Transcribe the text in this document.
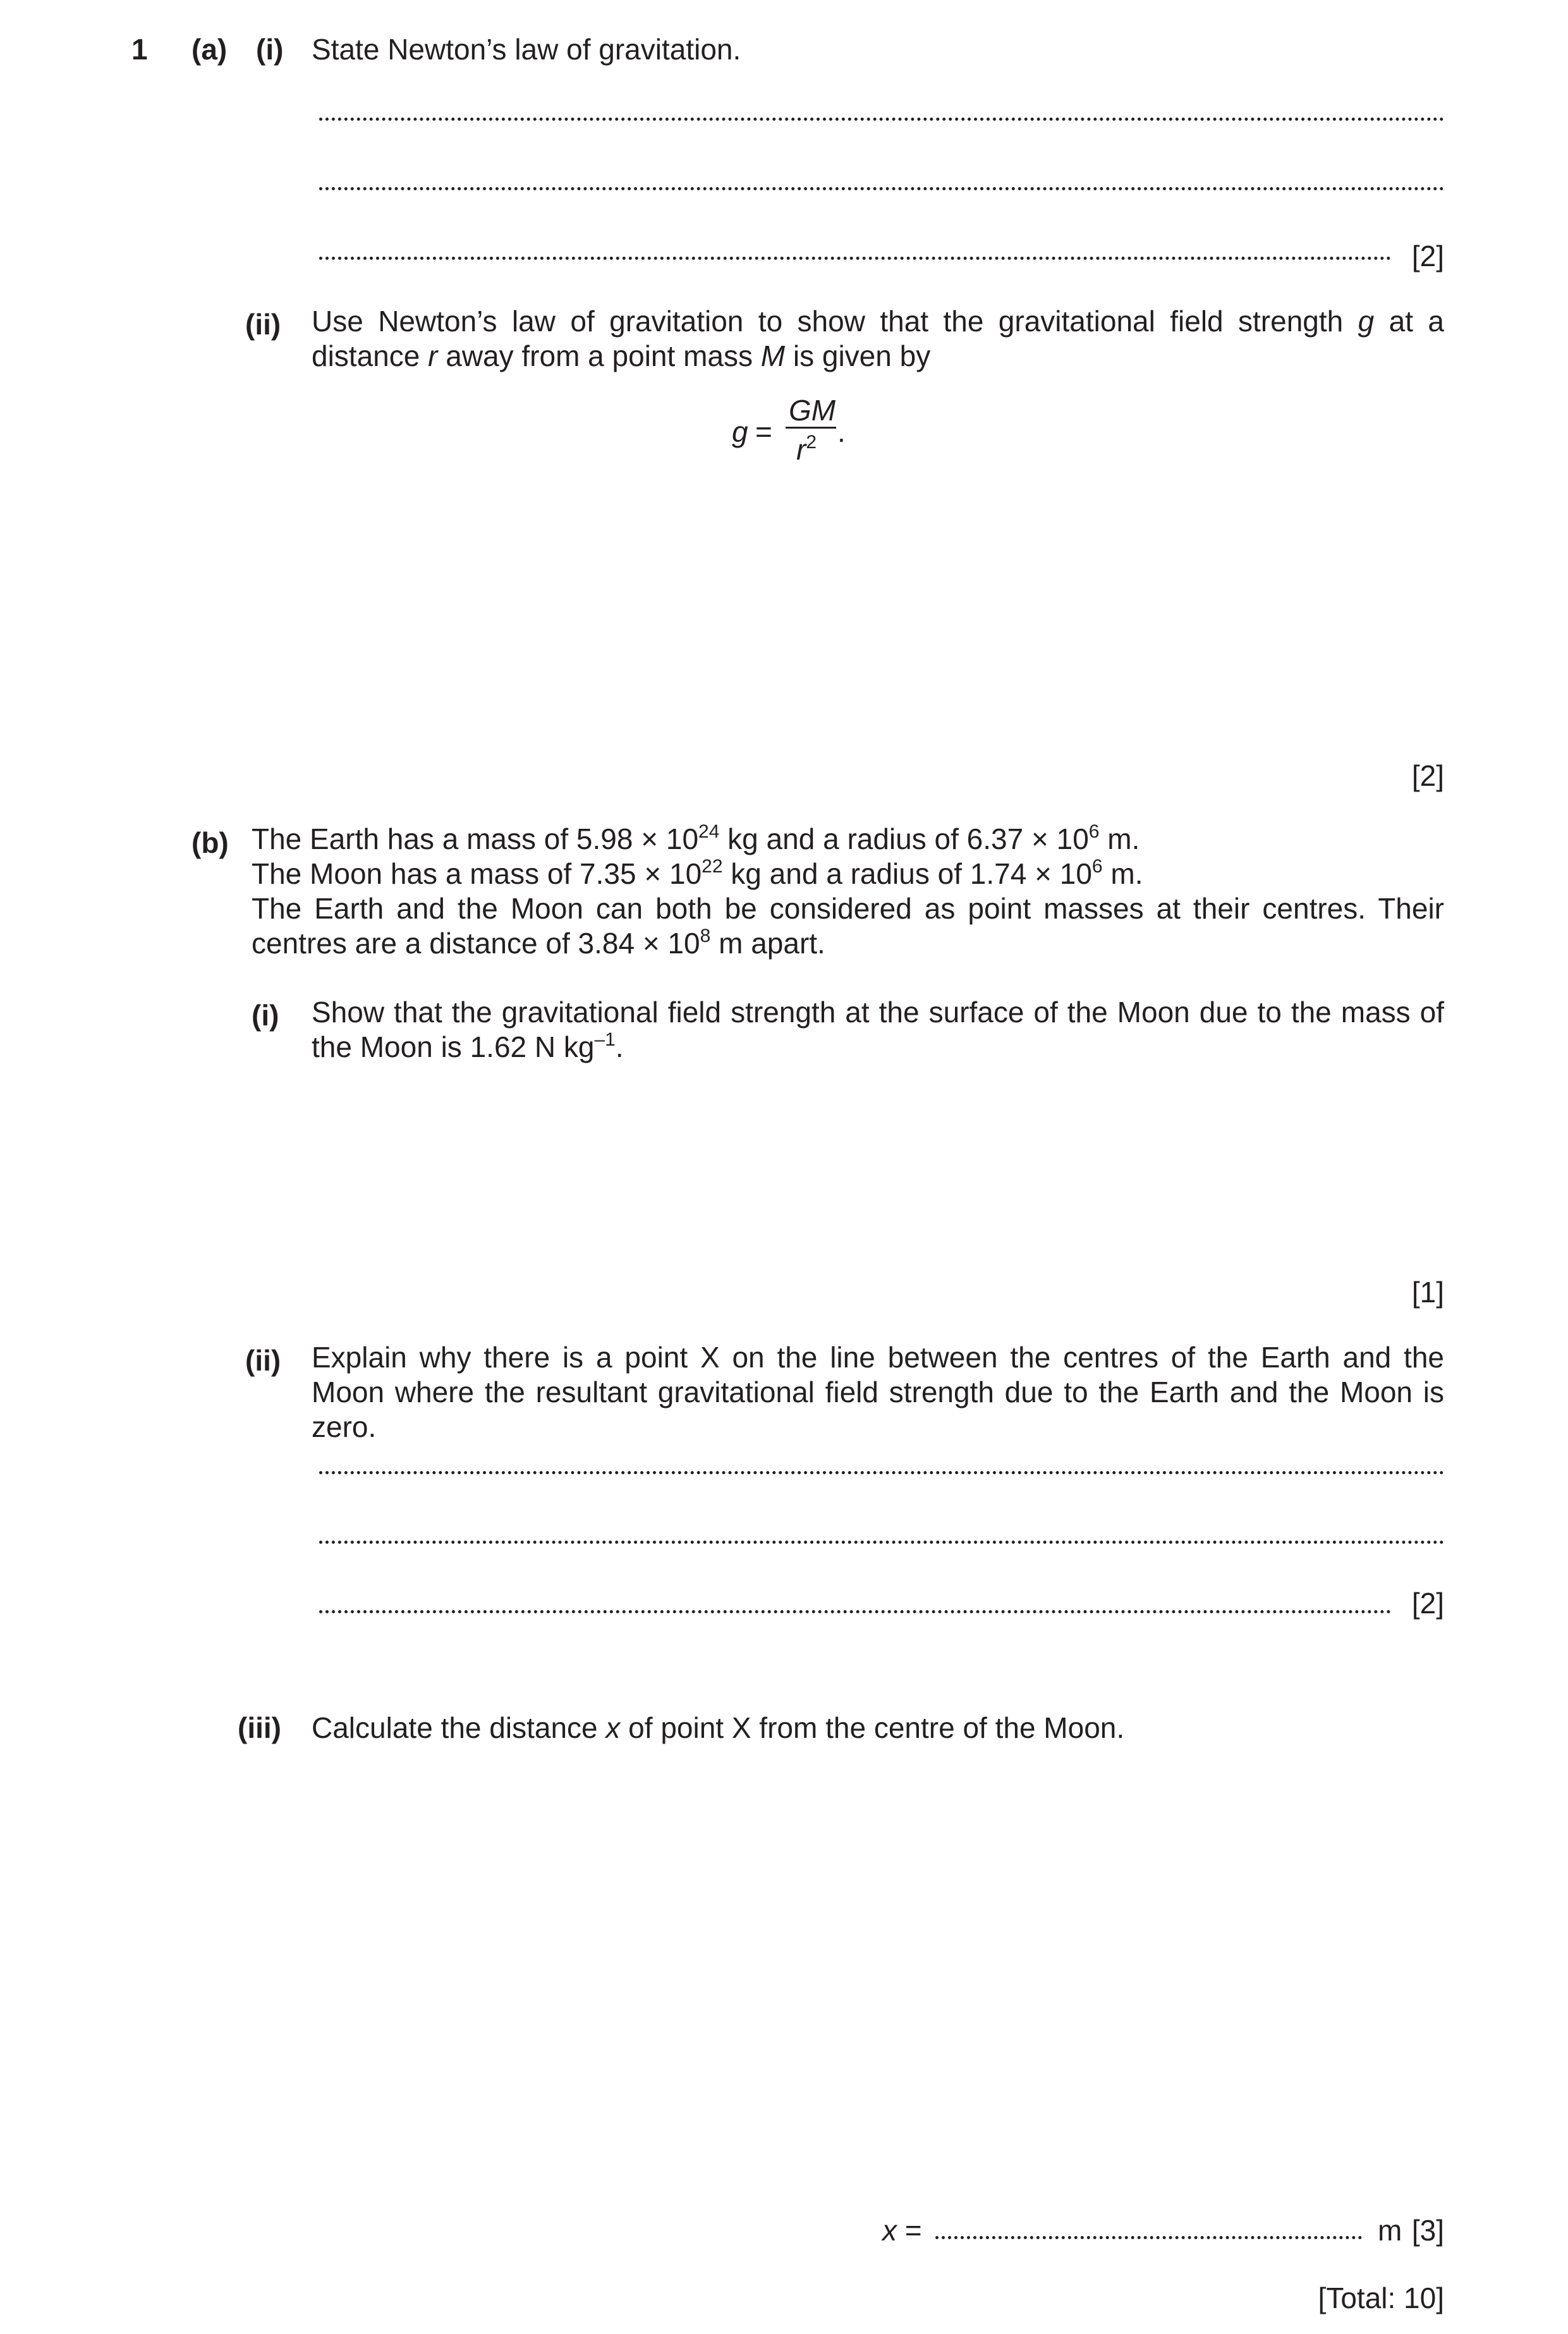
1 (a) (i) State Newton’s law of gravitation.
[2]
(ii) Use Newton’s law of gravitation to show that the gravitational field strength g at a distance r away from a point mass M is given by
g =
GM
$r^2$ .
[2]
(b) The Earth has a mass of $5.98 \times 10^{24}$ kg and a radius of $6.37 \times 10^6$ m.
The Moon has a mass of $7.35 \times 10^{22}$ kg and a radius of $1.74 \times 10^6$ m.
The Earth and the Moon can both be considered as point masses at their centres. Their centres are a distance of $3.84 \times 10^8$ m apart.
(i) Show that the gravitational field strength at the surface of the Moon due to the mass of the Moon is 1.62 N $kg^{-1}$.
[1]
(ii) Explain why there is a point X on the line between the centres of the Earth and the Moon where the resultant gravitational field strength due to the Earth and the Moon is zero.
[2]
(iii) Calculate the distance x of point X from the centre of the Moon.
x =	m [3]
[Total: 10]
